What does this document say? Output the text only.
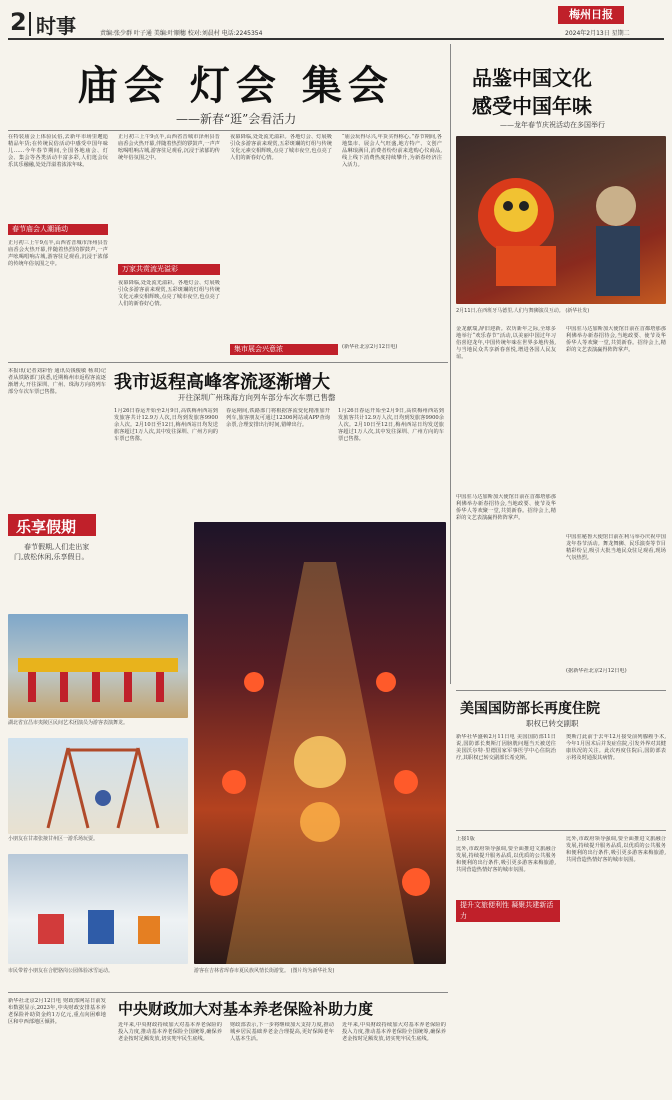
2 时事	责编:张少群 叶子通 美编:叶顺穗 校对:刘晨村 电话:2245354
梅州日报
2024年2月13日 星期二
庙会 灯会 集会
——新春“逛”会看活力
在特装庙会上体验民俗,去新年市场里邂逅精品年货;在传统民俗活动中感受中国年味儿……今年春节期间,全国各地庙会、灯会、集会等各类活动丰富多彩,人们逛会玩乐其乐融融,处处洋溢着浓浓年味。
春节庙会人潮涌动
正月初三上午9点半,山西省晋城市泽州县晋庙香会火热开幕,伴随着热烈的锣鼓声,一声声吆喝唱响古城,游客驻足观看,沉浸于浓郁的传统年俗氛围之中。
正月初三上午9点半,山西省晋城市泽州县晋庙香会火热开幕,伴随着热烈的锣鼓声,一声声吆喝唱响古城,游客驻足观看,沉浸于浓郁的传统年俗氛围之中。
万家共赏流光溢彩
夜幕降临,处处流光溢彩。各地灯会、灯展吸引众多游客前来观赏,五彩斑斓的灯组与传统文化元素交相辉映,点亮了城市夜空,也点亮了人们的新春好心情。
夜幕降临,处处流光溢彩。各地灯会、灯展吸引众多游客前来观赏,五彩斑斓的灯组与传统文化元素交相辉映,点亮了城市夜空,也点亮了人们的新春好心情。
“庙会玩得尽兴,年货买得称心。”春节期间,各地集市、展会人气旺盛,地方特产、文创产品琳琅满目,消费者纷纷前来选购心仪商品,线上线下消费热度持续攀升,为新春经济注入活力。
集市展会兴意浓	(新华社北京2月12日电)
品鉴中国文化
感受中国年味
——龙年春节庆祝活动在多国举行
2月11日,在西班牙马德里,人们与舞狮演员互动。 (新华社发)
金龙献瑞,辞旧迎新。农历新年之际,全球多地举行“欢乐春节”活动,以美丽中国过年习俗喜迎龙年,中国传统年味在世界多地传扬,与当地民众共享新春喜悦,增进各国人民友谊。
中国驻马达加斯加大使馆日前在首都塔那那利佛举办新春招待会,当地政要、使节及华侨华人等欢聚一堂,共贺新春。招待会上,精彩的文艺表演赢得阵阵掌声。
中国驻马达加斯加大使馆日前在首都塔那那利佛举办新春招待会,当地政要、使节及华侨华人等欢聚一堂,共贺新春。招待会上,精彩的文艺表演赢得阵阵掌声。
中国驻秘鲁大使馆日前在利马举办庆祝中国龙年春节活动。舞龙舞狮、民乐演奏等节目精彩纷呈,吸引大批当地民众驻足观看,现场气氛热烈。
(据新华社北京2月12日电)
本报讯(记者刘彩怡 通讯员钱俊敏 杨双)记者从铁路部门获悉,近期梅州市返程客流逐渐增大,开往深圳、广州、珠海方向的列车部分车次车票已售罄。	我市返程高峰客流逐渐增大
开往深圳广州珠海方向列车部分车次车票已售罄
1月26日春运开始至2月9日,高铁梅州西站到发旅客共计12.9万人次,日均到发旅客9900余人次。2月10日至12日,梅州西站日均发送旅客超过1万人次,其中发往深圳、广州方向的车票已售罄。
春运期间,铁路部门将根据客流变化精准加开列车,旅客朋友可通过12306网站或APP查询余票,合理安排出行时间,错峰出行。
1月26日春运开始至2月9日,高铁梅州西站到发旅客共计12.9万人次,日均到发旅客9900余人次。2月10日至12日,梅州西站日均发送旅客超过1万人次,其中发往深圳、广州方向的车票已售罄。
乐享假期
春节假期,人们走出家
门,放松休闲,乐享假日。
湖北省宜昌市夷陵区民间艺术团演员为游客表演舞龙。
小朋友在甘肃张掖甘州区一游乐场玩耍。
市民带着小朋友在合肥骆岗公园体验冰雪运动。	游客在吉林省珲春市夏民族风情长街游览。 (图片均为新华社发)
美国国防部长再度住院
职权已转交副职
新华社华盛顿2月11日电 美国国防部11日说,国防部长奥斯汀因膀胱问题当天被送往美国沃尔特·里德国家军事医学中心住院治疗,其职权已转交副部长希克斯。
奥斯汀此前于去年12月接受前列腺癌手术,今年1月因术后并发症住院,引发外界对其健康状况的关注。此次再度住院后,国防部表示将及时通报其病情。
上接1版
提升文旅便利性 凝聚共建新活力
比外,市政府领导强调,要全面推进文旅融合发展,持续提升服务品质,以优质的公共服务和便利的出行条件,吸引更多游客来梅旅游,共同营造热情好客的城市氛围。
比外,市政府领导强调,要全面推进文旅融合发展,持续提升服务品质,以优质的公共服务和便利的出行条件,吸引更多游客来梅旅游,共同营造热情好客的城市氛围。
新华社北京2月12日电 财政部网站日前发布数据显示,2023年,中央财政安排基本养老保险补助资金约1万亿元,重点向困难地区和中西部地区倾斜。
中央财政加大对基本养老保险补助力度
近年来,中央财政持续加大对基本养老保险的投入力度,推动基本养老保险全国统筹,确保养老金按时足额发放,切实兜牢民生底线。
财政部表示,下一步将继续加大支持力度,推动城乡居民基础养老金合理提高,更好保障老年人基本生活。
近年来,中央财政持续加大对基本养老保险的投入力度,推动基本养老保险全国统筹,确保养老金按时足额发放,切实兜牢民生底线。
